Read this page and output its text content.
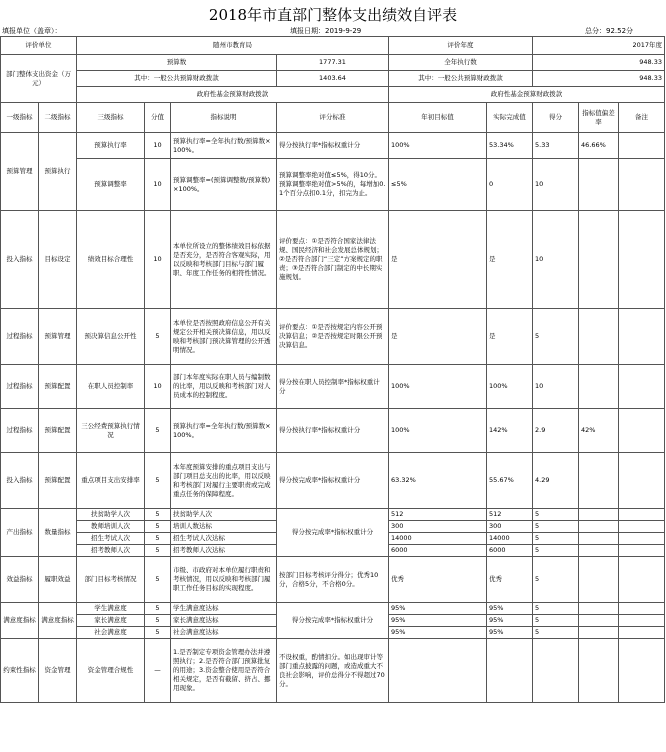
2018年市直部门整体支出绩效自评表
填报单位（盖章）：	填报日期：2019-9-29	总分：92.52分
评价单位		随州市教育局				评价年度		2017年度		
部门整体支出资金（万元）		预算数			1777.31	全年执行数		948.33		
		其中：一般公共预算财政拨款			1403.64	其中：一般公共预算财政拨款		948.33		
		政府性基金预算财政拨款				政府性基金预算财政拨款				
一级指标	二级指标	三级指标	分值	指标说明	评分标准	年初目标值	实际完成值	得分	指标值偏差率	备注
预算管理	预算执行	预算执行率	10	预算执行率=全年执行数/预算数×100%。	得分按执行率*指标权重计分	100%	53.34%	5.33	46.66%	
		预算调整率	10	预算调整率=(预算调整数/预算数)×100%。	预算调整率绝对值≤5%，得10分。预算调整率绝对值>5%的，每增加0.1个百分点扣0.1分，扣完为止。	≤5%	0	10		
投入指标	目标设定	绩效目标合理性	10	本单位所设立的整体绩效目标依据是否充分，是否符合客观实际，用以反映和考核部门目标与部门履职、年度工作任务的相符性情况。	评价要点：①是否符合国家法律法规、国民经济和社会发展总体规划；②是否符合部门“三定”方案规定的职责；③是否符合部门制定的中长期实施规划。	是	是	10		
过程指标	预算管理	预决算信息公开性	5	本单位是否按照政府信息公开有关规定公开相关预决算信息，用以反映和考核部门预决算管理的公开透明情况。	评价要点：①是否按规定内容公开预决算信息；②是否按规定时限公开预决算信息。	是	是	5		
过程指标	预算配置	在职人员控制率	10	部门本年度实际在职人员与编制数的比率，用以反映和考核部门对人员成本的控制程度。	得分按在职人员控制率*指标权重计分	100%	100%	10		
过程指标	预算配置	三公经费预算执行情况	5	预算执行率=全年执行数/预算数×100%。	得分按执行率*指标权重计分	100%	142%	2.9	42%	
投入指标	预算配置	重点项目支出安排率	5	本年度预算安排的重点项目支出与部门项目总支出的比率，用以反映和考核部门对履行主要职责或完成重点任务的保障程度。	得分按完成率*指标权重计分	63.32%	55.67%	4.29		
产出指标	数量指标	扶贫助学人次	5	扶贫助学人次	得分按完成率*指标权重计分	512	512	5		
		教师培训人次	5	培训人数达标		300	300	5		
		招生考试人次	5	招生考试人次达标		14000	14000	5		
		招考教师人次	5	招考教师人次达标		6000	6000	5		
效益指标	履职效益	部门目标考核情况	5	市级、市政府对本单位履行职责和考核情况，用以反映和考核部门履职工作任务目标的实现程度。	按部门目标考核评分得分；优秀10分，合格5分，不合格0分。	优秀	优秀	5		
满意度指标	满意度指标	学生满意度	5	学生满意度达标	得分按完成率*指标权重计分	95%	95%	5		
		家长满意度	5	家长满意度达标		95%	95%	5		
		社会满意度	5	社会满意度达标		95%	95%	5		
约束性指标	资金管理	资金管理合规性	—	1.是否制定专项资金管理办法并遵照执行；2.是否符合部门预算批复的用途；3.资金整合使用是否符合相关规定，是否有截留、挤占、挪用现象。	不设权重，酌情扣分。如出现审计等部门重点披露的问题，或造成重大不良社会影响，评价总得分不得超过70分。					
